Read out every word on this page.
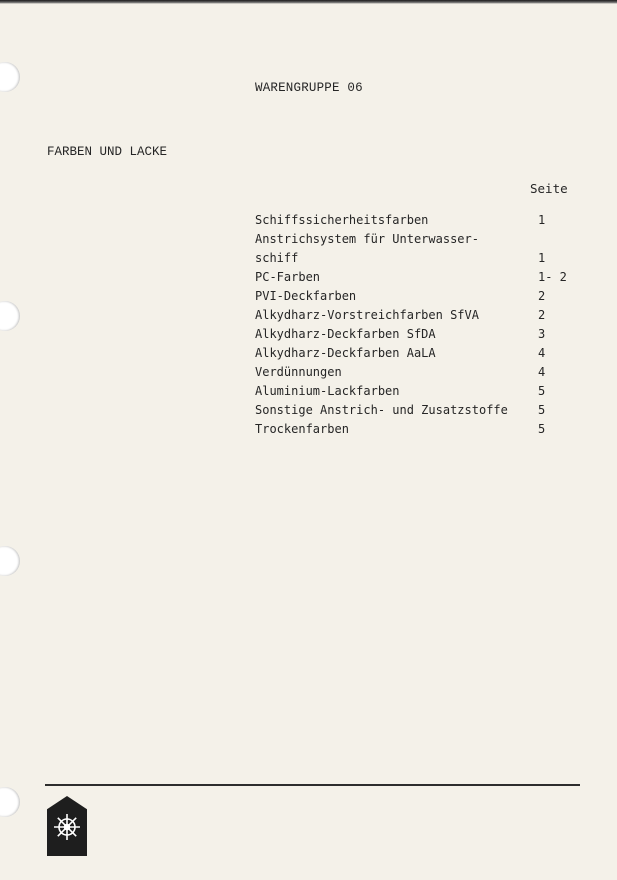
WARENGRUPPE 06
FARBEN UND LACKE
Seite
Schiffssicherheitsfarben	1
Anstrichsystem für Unterwasser-
schiff	1
PC-Farben	1- 2
PVI-Deckfarben	2
Alkydharz-Vorstreichfarben SfVA	2
Alkydharz-Deckfarben SfDA	3
Alkydharz-Deckfarben AaLA	4
Verdünnungen	4
Aluminium-Lackfarben	5
Sonstige Anstrich- und Zusatzstoffe	5
Trockenfarben	5
